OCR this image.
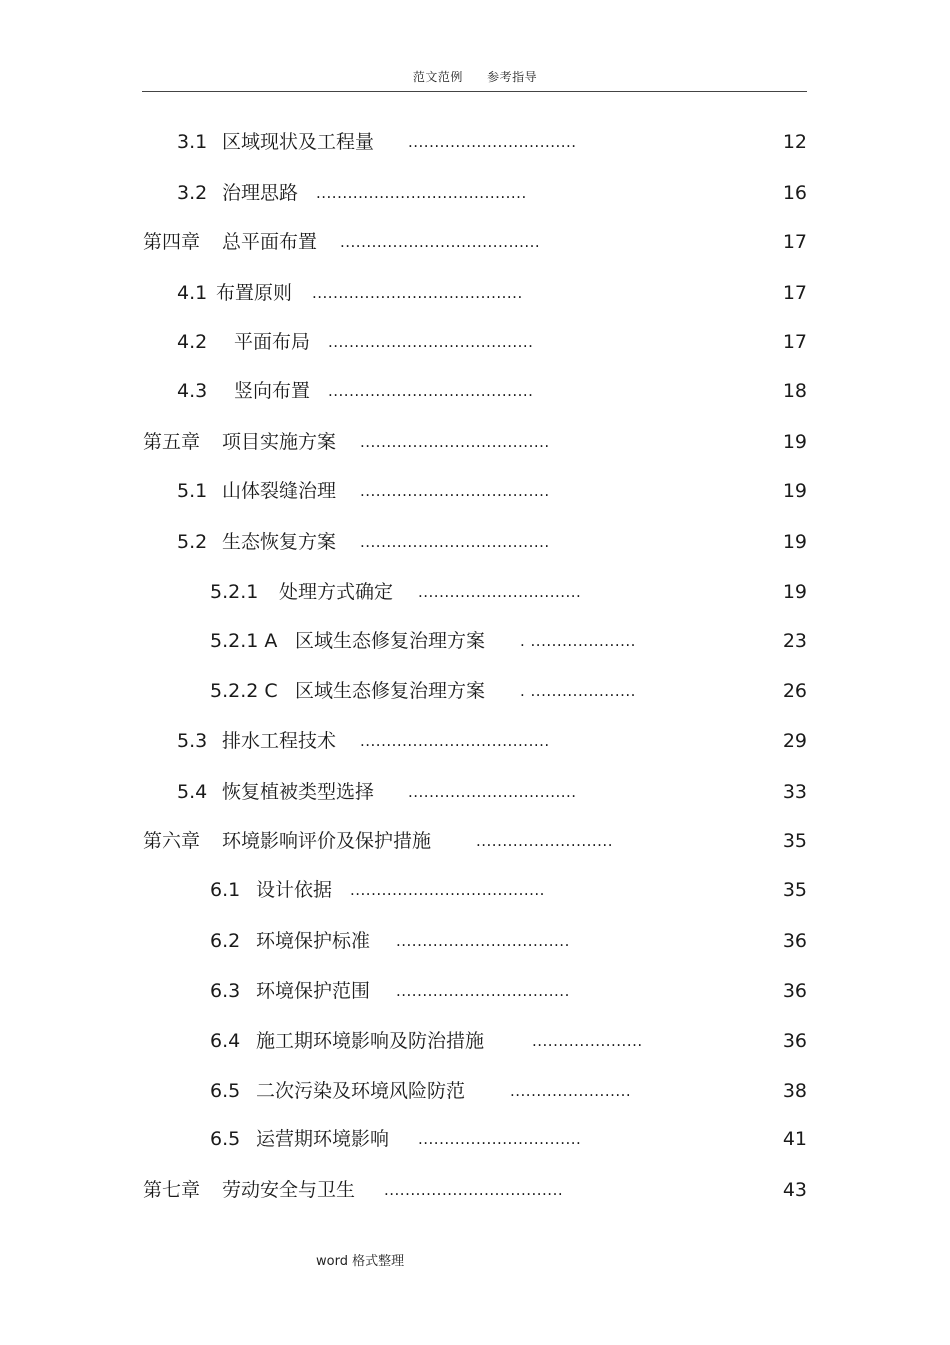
范文范例 参考指导
3.1 区域现状及工程量 ................................	12
3.2 治理思路 ........................................	16
第四章 总平面布置 ......................................	17
4.1 布置原则 ........................................	17
4.2 平面布局 .......................................	17
4.3 竖向布置 .......................................	18
第五章 项目实施方案 ....................................	19
5.1 山体裂缝治理 ....................................	19
5.2 生态恢复方案 ....................................	19
5.2.1 处理方式确定 ...............................	19
5.2.1 A 区域生态修复治理方案 . ....................	23
5.2.2 C 区域生态修复治理方案 . ....................	26
5.3 排水工程技术 ....................................	29
5.4 恢复植被类型选择 ................................	33
第六章 环境影响评价及保护措施	..........................	35
6.1 设计依据 .....................................	35
6.2 环境保护标准 .................................	36
6.3 环境保护范围 .................................	36
6.4 施工期环境影响及防治措施	.....................	36
6.5 二次污染及环境风险防范	.......................	38
6.5 运营期环境影响 ...............................	41
第七章 劳动安全与卫生 ..................................	43
word 格式整理
